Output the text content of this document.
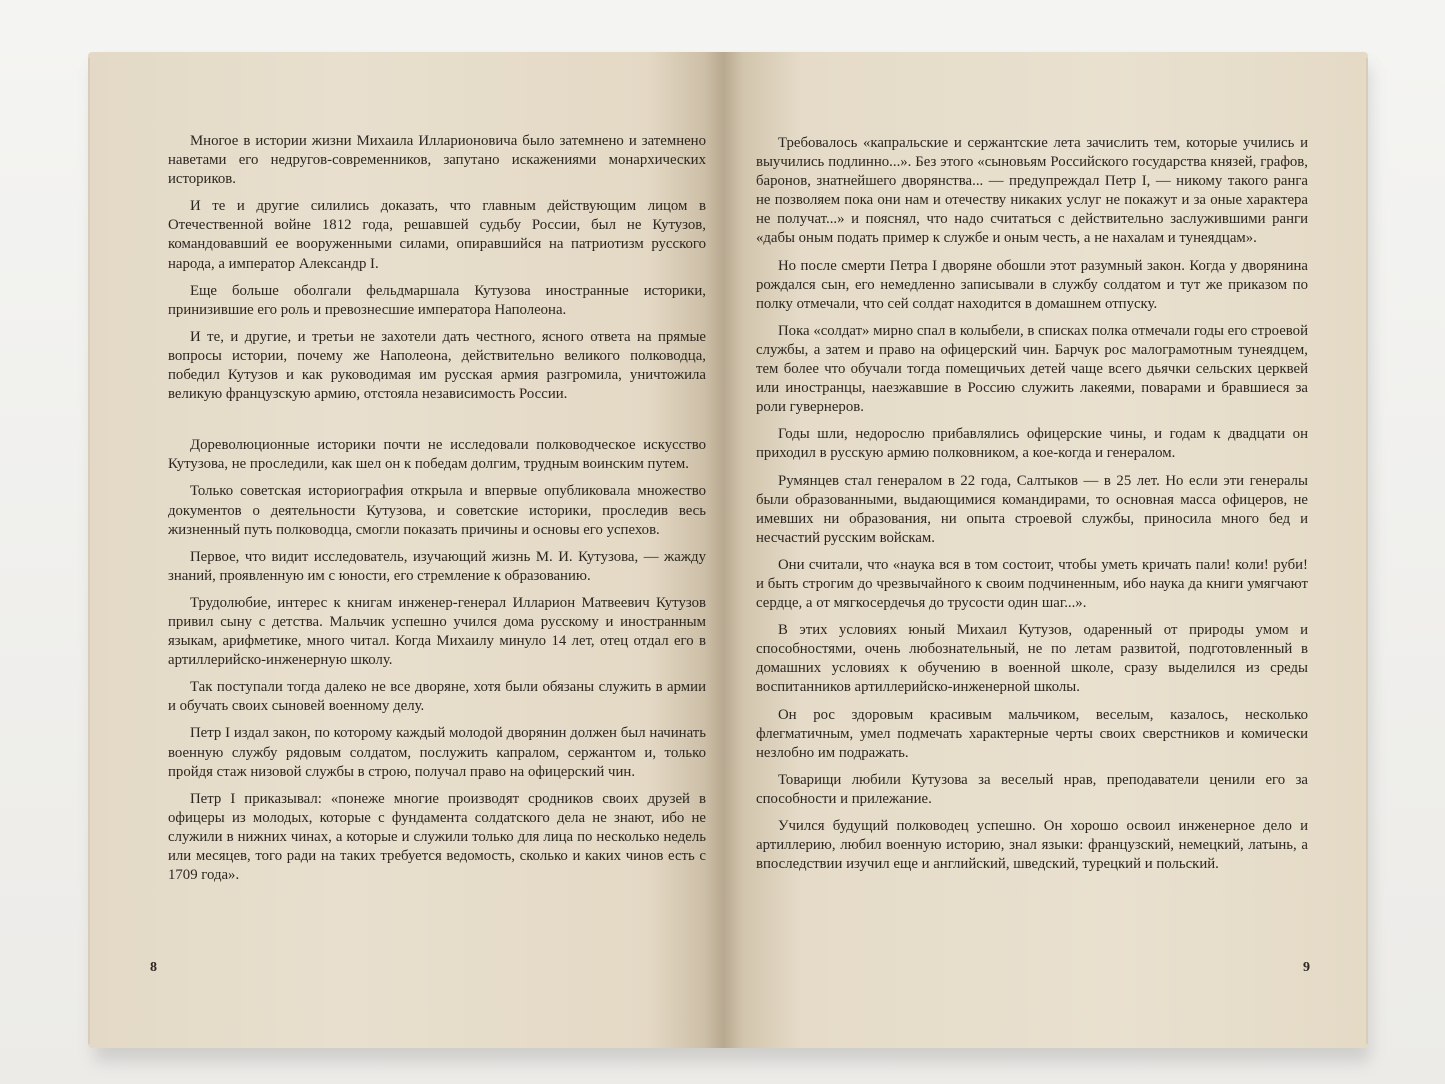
Многое в истории жизни Михаила Илларионовича было затемнено и затемнено наветами его недругов-современников, запутано искажениями монархических историков.

И те и другие силились доказать, что главным действующим лицом в Отечественной войне 1812 года, решавшей судьбу России, был не Кутузов, командовавший ее вооруженными силами, опиравшийся на патриотизм русского народа, а император Александр I.

Еще больше оболгали фельдмаршала Кутузова иностранные историки, принизившие его роль и превознесшие императора Наполеона.

И те, и другие, и третьи не захотели дать честного, ясного ответа на прямые вопросы истории, почему же Наполеона, действительно великого полководца, победил Кутузов и как руководимая им русская армия разгромила, уничтожила великую французскую армию, отстояла независимость России.

Дореволюционные историки почти не исследовали полководческое искусство Кутузова, не проследили, как шел он к победам долгим, трудным воинским путем.

Только советская историография открыла и впервые опубликовала множество документов о деятельности Кутузова, и советские историки, проследив весь жизненный путь полководца, смогли показать причины и основы его успехов.

Первое, что видит исследователь, изучающий жизнь М. И. Кутузова, — жажду знаний, проявленную им с юности, его стремление к образованию.

Трудолюбие, интерес к книгам инженер-генерал Илларион Матвеевич Кутузов привил сыну с детства. Мальчик успешно учился дома русскому и иностранным языкам, арифметике, много читал. Когда Михаилу минуло 14 лет, отец отдал его в артиллерийско-инженерную школу.

Так поступали тогда далеко не все дворяне, хотя были обязаны служить в армии и обучать своих сыновей военному делу.

Петр I издал закон, по которому каждый молодой дворянин должен был начинать военную службу рядовым солдатом, послужить капралом, сержантом и, только пройдя стаж низовой службы в строю, получал право на офицерский чин.

Петр I приказывал: «понеже многие производят сродников своих друзей в офицеры из молодых, которые с фундамента солдатского дела не знают, ибо не служили в нижних чинах, а которые и служили только для лица по несколько недель или месяцев, того ради на таких требуется ведомость, сколько и каких чинов есть с 1709 года».

8

Требовалось «капральские и сержантские лета зачислить тем, которые учились и выучились подлинно...». Без этого «сыновьям Российского государства князей, графов, баронов, знатнейшего дворянства... — предупреждал Петр I, — никому такого ранга не позволяем пока они нам и отечеству никаких услуг не покажут и за оные характера не получат...» и пояснял, что надо считаться с действительно заслужившими ранги «дабы оным подать пример к службе и оным честь, а не нахалам и тунеядцам».

Но после смерти Петра I дворяне обошли этот разумный закон. Когда у дворянина рождался сын, его немедленно записывали в службу солдатом и тут же приказом по полку отмечали, что сей солдат находится в домашнем отпуску.

Пока «солдат» мирно спал в колыбели, в списках полка отмечали годы его строевой службы, а затем и право на офицерский чин. Барчук рос малограмотным тунеядцем, тем более что обучали тогда помещичьих детей чаще всего дьячки сельских церквей или иностранцы, наезжавшие в Россию служить лакеями, поварами и бравшиеся за роли гувернеров.

Годы шли, недорослю прибавлялись офицерские чины, и годам к двадцати он приходил в русскую армию полковником, а кое-когда и генералом.

Румянцев стал генералом в 22 года, Салтыков — в 25 лет. Но если эти генералы были образованными, выдающимися командирами, то основная масса офицеров, не имевших ни образования, ни опыта строевой службы, приносила много бед и несчастий русским войскам.

Они считали, что «наука вся в том состоит, чтобы уметь кричать пали! коли! руби! и быть строгим до чрезвычайного к своим подчиненным, ибо наука да книги умягчают сердце, а от мягкосердечья до трусости один шаг...».

В этих условиях юный Михаил Кутузов, одаренный от природы умом и способностями, очень любознательный, не по летам развитой, подготовленный в домашних условиях к обучению в военной школе, сразу выделился из среды воспитанников артиллерийско-инженерной школы.

Он рос здоровым красивым мальчиком, веселым, казалось, несколько флегматичным, умел подмечать характерные черты своих сверстников и комически незлобно им подражать.

Товарищи любили Кутузова за веселый нрав, преподаватели ценили его за способности и прилежание.

Учился будущий полководец успешно. Он хорошо освоил инженерное дело и артиллерию, любил военную историю, знал языки: французский, немецкий, латынь, а впоследствии изучил еще и английский, шведский, турецкий и польский.

9
